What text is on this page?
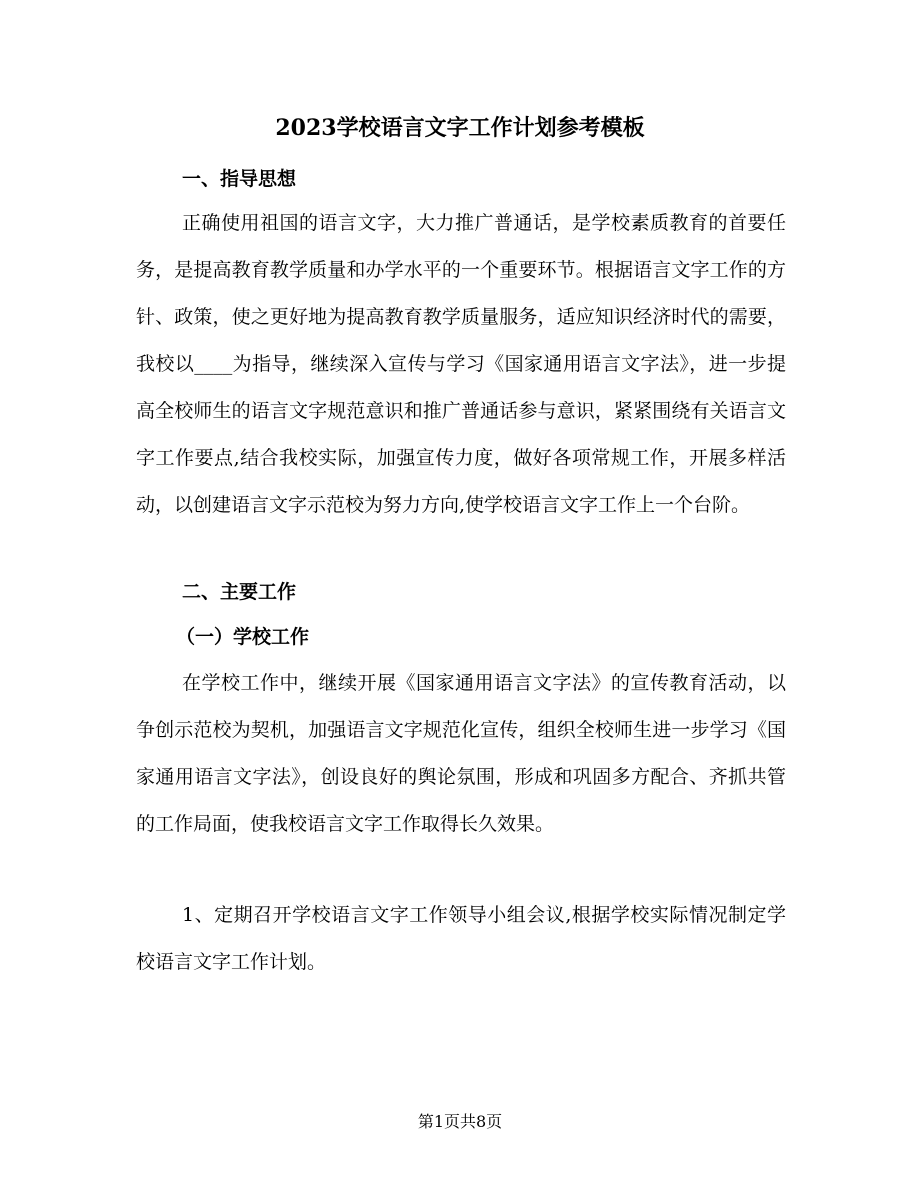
2023学校语言文字工作计划参考模板
一、指导思想

正确使用祖国的语言文字，大力推广普通话，是学校素质教育的首要任务，是提高教育教学质量和办学水平的一个重要环节。根据语言文字工作的方针、政策，使之更好地为提高教育教学质量服务，适应知识经济时代的需要，我校以____为指导，继续深入宣传与学习《国家通用语言文字法》，进一步提高全校师生的语言文字规范意识和推广普通话参与意识，紧紧围绕有关语言文字工作要点,结合我校实际，加强宣传力度，做好各项常规工作，开展多样活动，以创建语言文字示范校为努力方向,使学校语言文字工作上一个台阶。

二、主要工作
（一）学校工作

在学校工作中，继续开展《国家通用语言文字法》的宣传教育活动，以争创示范校为契机，加强语言文字规范化宣传，组织全校师生进一步学习《国家通用语言文字法》，创设良好的舆论氛围，形成和巩固多方配合、齐抓共管的工作局面，使我校语言文字工作取得长久效果。

1、定期召开学校语言文字工作领导小组会议,根据学校实际情况制定学校语言文字工作计划。

第1页共8页
